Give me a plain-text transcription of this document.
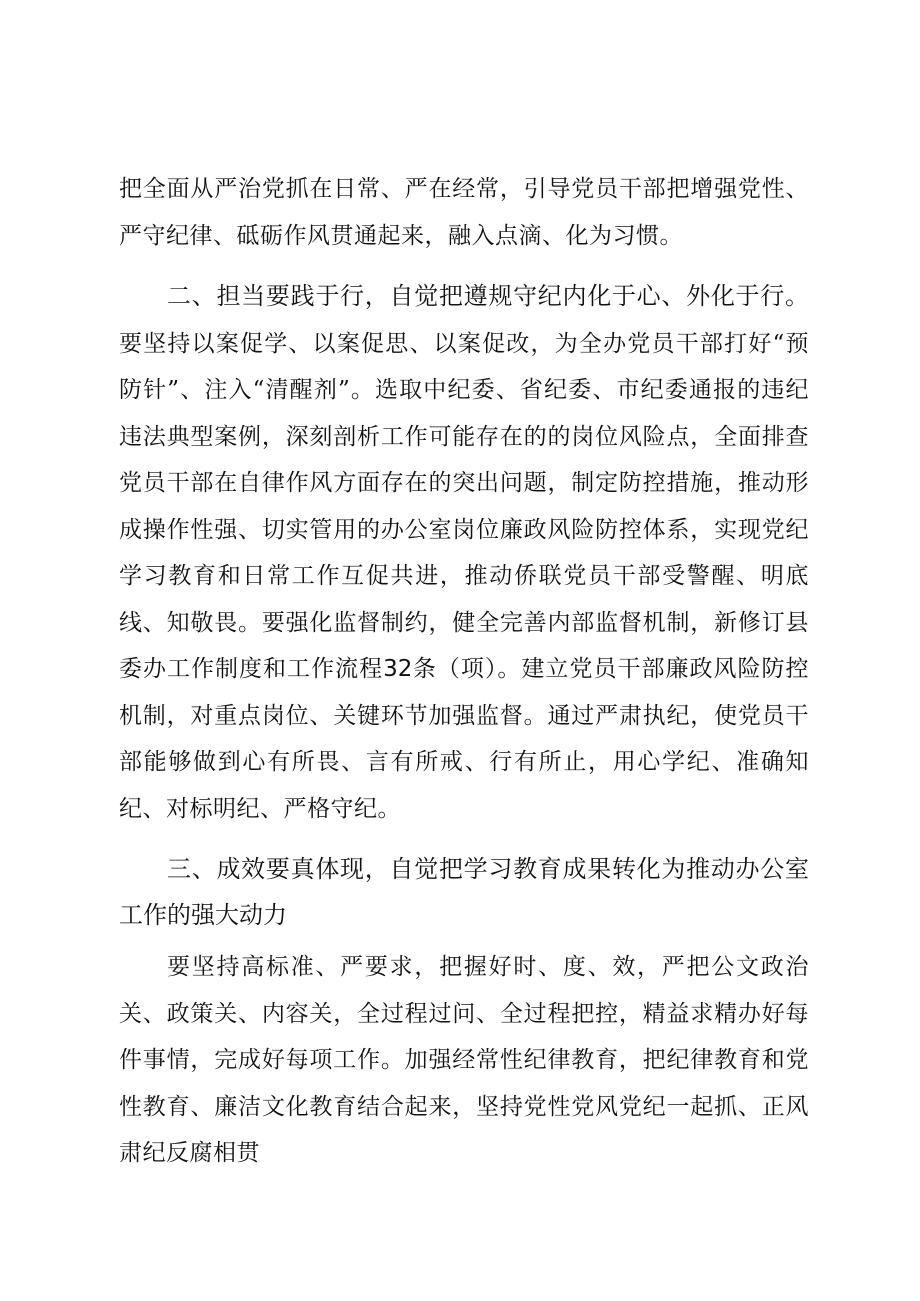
把全面从严治党抓在日常、严在经常，引导党员干部把增强党性、严守纪律、砥砺作风贯通起来，融入点滴、化为习惯。

二、担当要践于行，自觉把遵规守纪内化于心、外化于行。要坚持以案促学、以案促思、以案促改，为全办党员干部打好“预防针”、注入“清醒剂”。选取中纪委、省纪委、市纪委通报的违纪违法典型案例，深刻剖析工作可能存在的的岗位风险点，全面排查党员干部在自律作风方面存在的突出问题，制定防控措施，推动形成操作性强、切实管用的办公室岗位廉政风险防控体系，实现党纪学习教育和日常工作互促共进，推动侨联党员干部受警醒、明底线、知敬畏。要强化监督制约，健全完善内部监督机制，新修订县委办工作制度和工作流程32条（项）。建立党员干部廉政风险防控机制，对重点岗位、关键环节加强监督。通过严肃执纪，使党员干部能够做到心有所畏、言有所戒、行有所止，用心学纪、准确知纪、对标明纪、严格守纪。

三、成效要真体现，自觉把学习教育成果转化为推动办公室工作的强大动力

要坚持高标准、严要求，把握好时、度、效，严把公文政治关、政策关、内容关，全过程过问、全过程把控，精益求精办好每件事情，完成好每项工作。加强经常性纪律教育，把纪律教育和党性教育、廉洁文化教育结合起来，坚持党性党风党纪一起抓、正风肃纪反腐相贯
